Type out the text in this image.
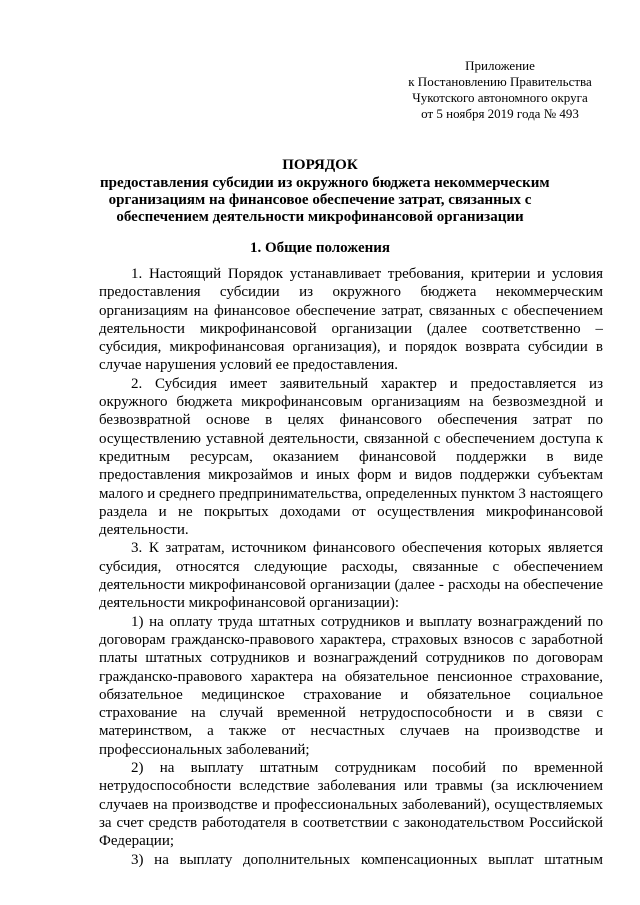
Приложение
к Постановлению Правительства
Чукотского автономного округа
от 5 ноября 2019 года № 493
ПОРЯДОК
предоставления субсидии из окружного бюджета некоммерческим
организациям на финансовое обеспечение затрат, связанных с
обеспечением деятельности микрофинансовой организации
1. Общие положения
1. Настоящий Порядок устанавливает требования, критерии и условия
предоставления субсидии из окружного бюджета некоммерческим
организациям на финансовое обеспечение затрат, связанных с обеспечением
деятельности микрофинансовой организации (далее соответственно –
субсидия, микрофинансовая организация), и порядок возврата субсидии в
случае нарушения условий ее предоставления.
2. Субсидия имеет заявительный характер и предоставляется из
окружного бюджета микрофинансовым организациям на безвозмездной и
безвозвратной основе в целях финансового обеспечения затрат по
осуществлению уставной деятельности, связанной с обеспечением доступа к
кредитным ресурсам, оказанием финансовой поддержки в виде
предоставления микрозаймов и иных форм и видов поддержки субъектам
малого и среднего предпринимательства, определенных пунктом 3 настоящего
раздела и не покрытых доходами от осуществления микрофинансовой
деятельности.
3. К затратам, источником финансового обеспечения которых является
субсидия, относятся следующие расходы, связанные с обеспечением
деятельности микрофинансовой организации (далее - расходы на обеспечение
деятельности микрофинансовой организации):
1) на оплату труда штатных сотрудников и выплату вознаграждений по
договорам гражданско-правового характера, страховых взносов с заработной
платы штатных сотрудников и вознаграждений сотрудников по договорам
гражданско-правового характера на обязательное пенсионное страхование,
обязательное медицинское страхование и обязательное социальное
страхование на случай временной нетрудоспособности и в связи с
материнством, а также от несчастных случаев на производстве и
профессиональных заболеваний;
2) на выплату штатным сотрудникам пособий по временной
нетрудоспособности вследствие заболевания или травмы (за исключением
случаев на производстве и профессиональных заболеваний), осуществляемых
за счет средств работодателя в соответствии с законодательством Российской
Федерации;
3) на выплату дополнительных компенсационных выплат штатным
